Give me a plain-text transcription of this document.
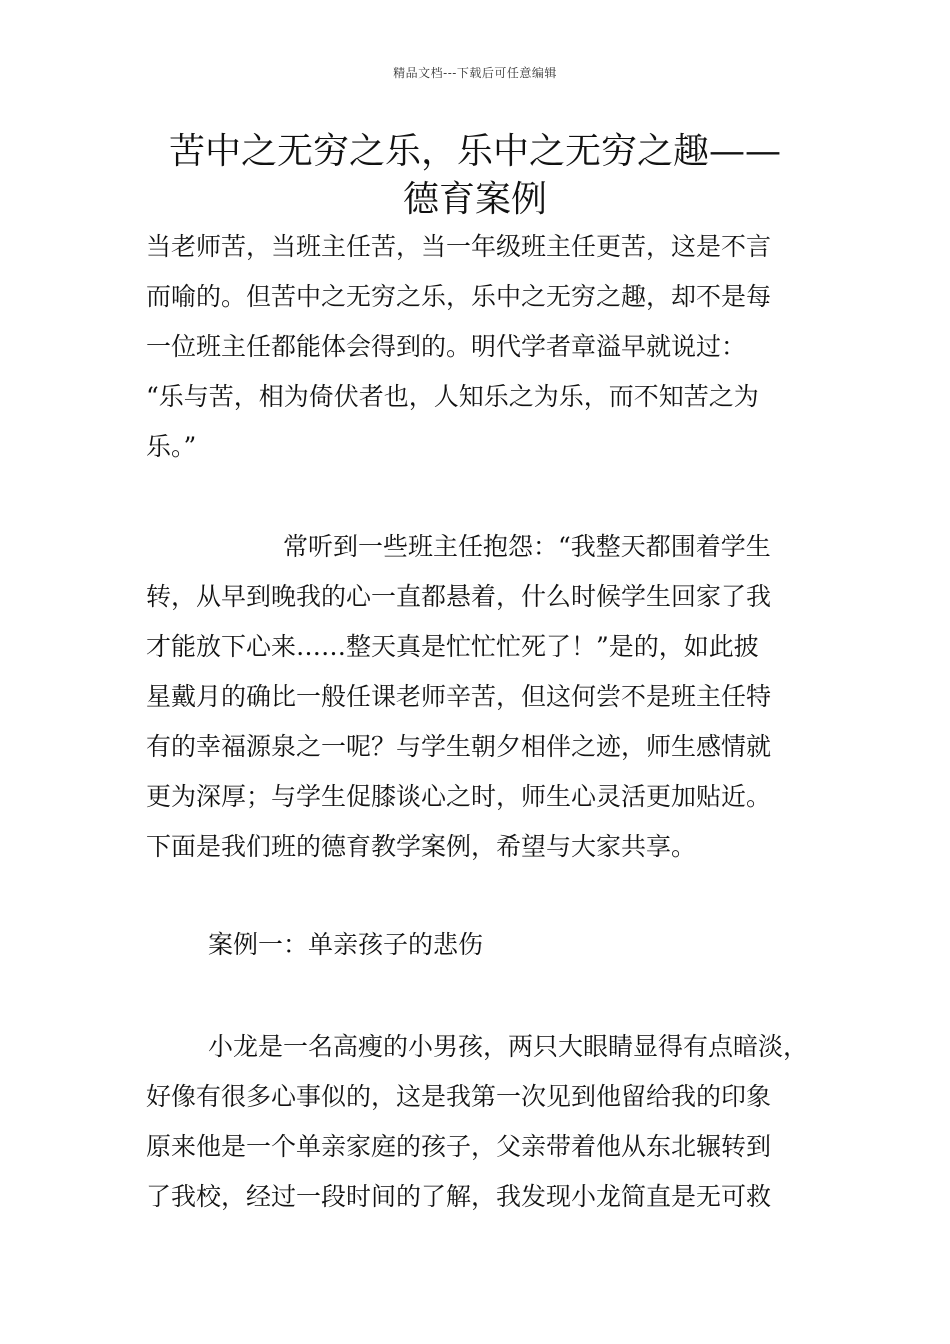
精品文档---下载后可任意编辑
苦中之无穷之乐，乐中之无穷之趣——
德育案例
当老师苦，当班主任苦，当一年级班主任更苦，这是不言
而喻的。但苦中之无穷之乐，乐中之无穷之趣，却不是每
一位班主任都能体会得到的。明代学者章溢早就说过：
“乐与苦，相为倚伏者也，人知乐之为乐，而不知苦之为
乐。”
常听到一些班主任抱怨：“我整天都围着学生
转，从早到晚我的心一直都悬着，什么时候学生回家了我
才能放下心来……整天真是忙忙忙死了！”是的，如此披
星戴月的确比一般任课老师辛苦，但这何尝不是班主任特
有的幸福源泉之一呢？与学生朝夕相伴之迹，师生感情就
更为深厚；与学生促膝谈心之时，师生心灵活更加贴近。
下面是我们班的德育教学案例，希望与大家共享。
案例一：单亲孩子的悲伤
小龙是一名高瘦的小男孩，两只大眼睛显得有点暗淡，
好像有很多心事似的，这是我第一次见到他留给我的印象
原来他是一个单亲家庭的孩子，父亲带着他从东北辗转到
了我校，经过一段时间的了解，我发现小龙简直是无可救
